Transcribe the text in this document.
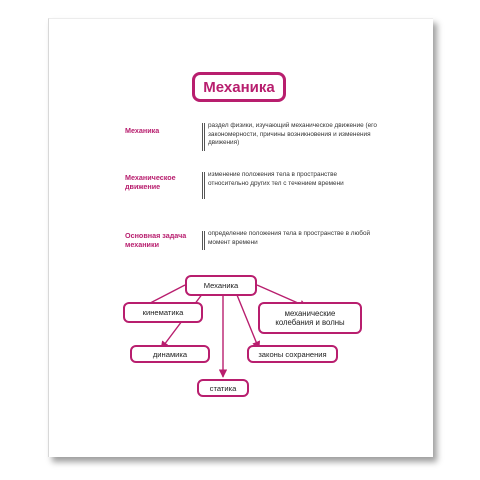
Механика
Механика
раздел физики, изучающий механическое движение (его закономерности, причины возникновения и изменения движения)
Механическое движение
изменение положения тела в пространстве относительно других тел с течением времени
Основная задача механики
определение положения тела в пространстве в любой момент времени
Механика
кинематика	механические колебания и волны
динамика	законы сохранения
статика
